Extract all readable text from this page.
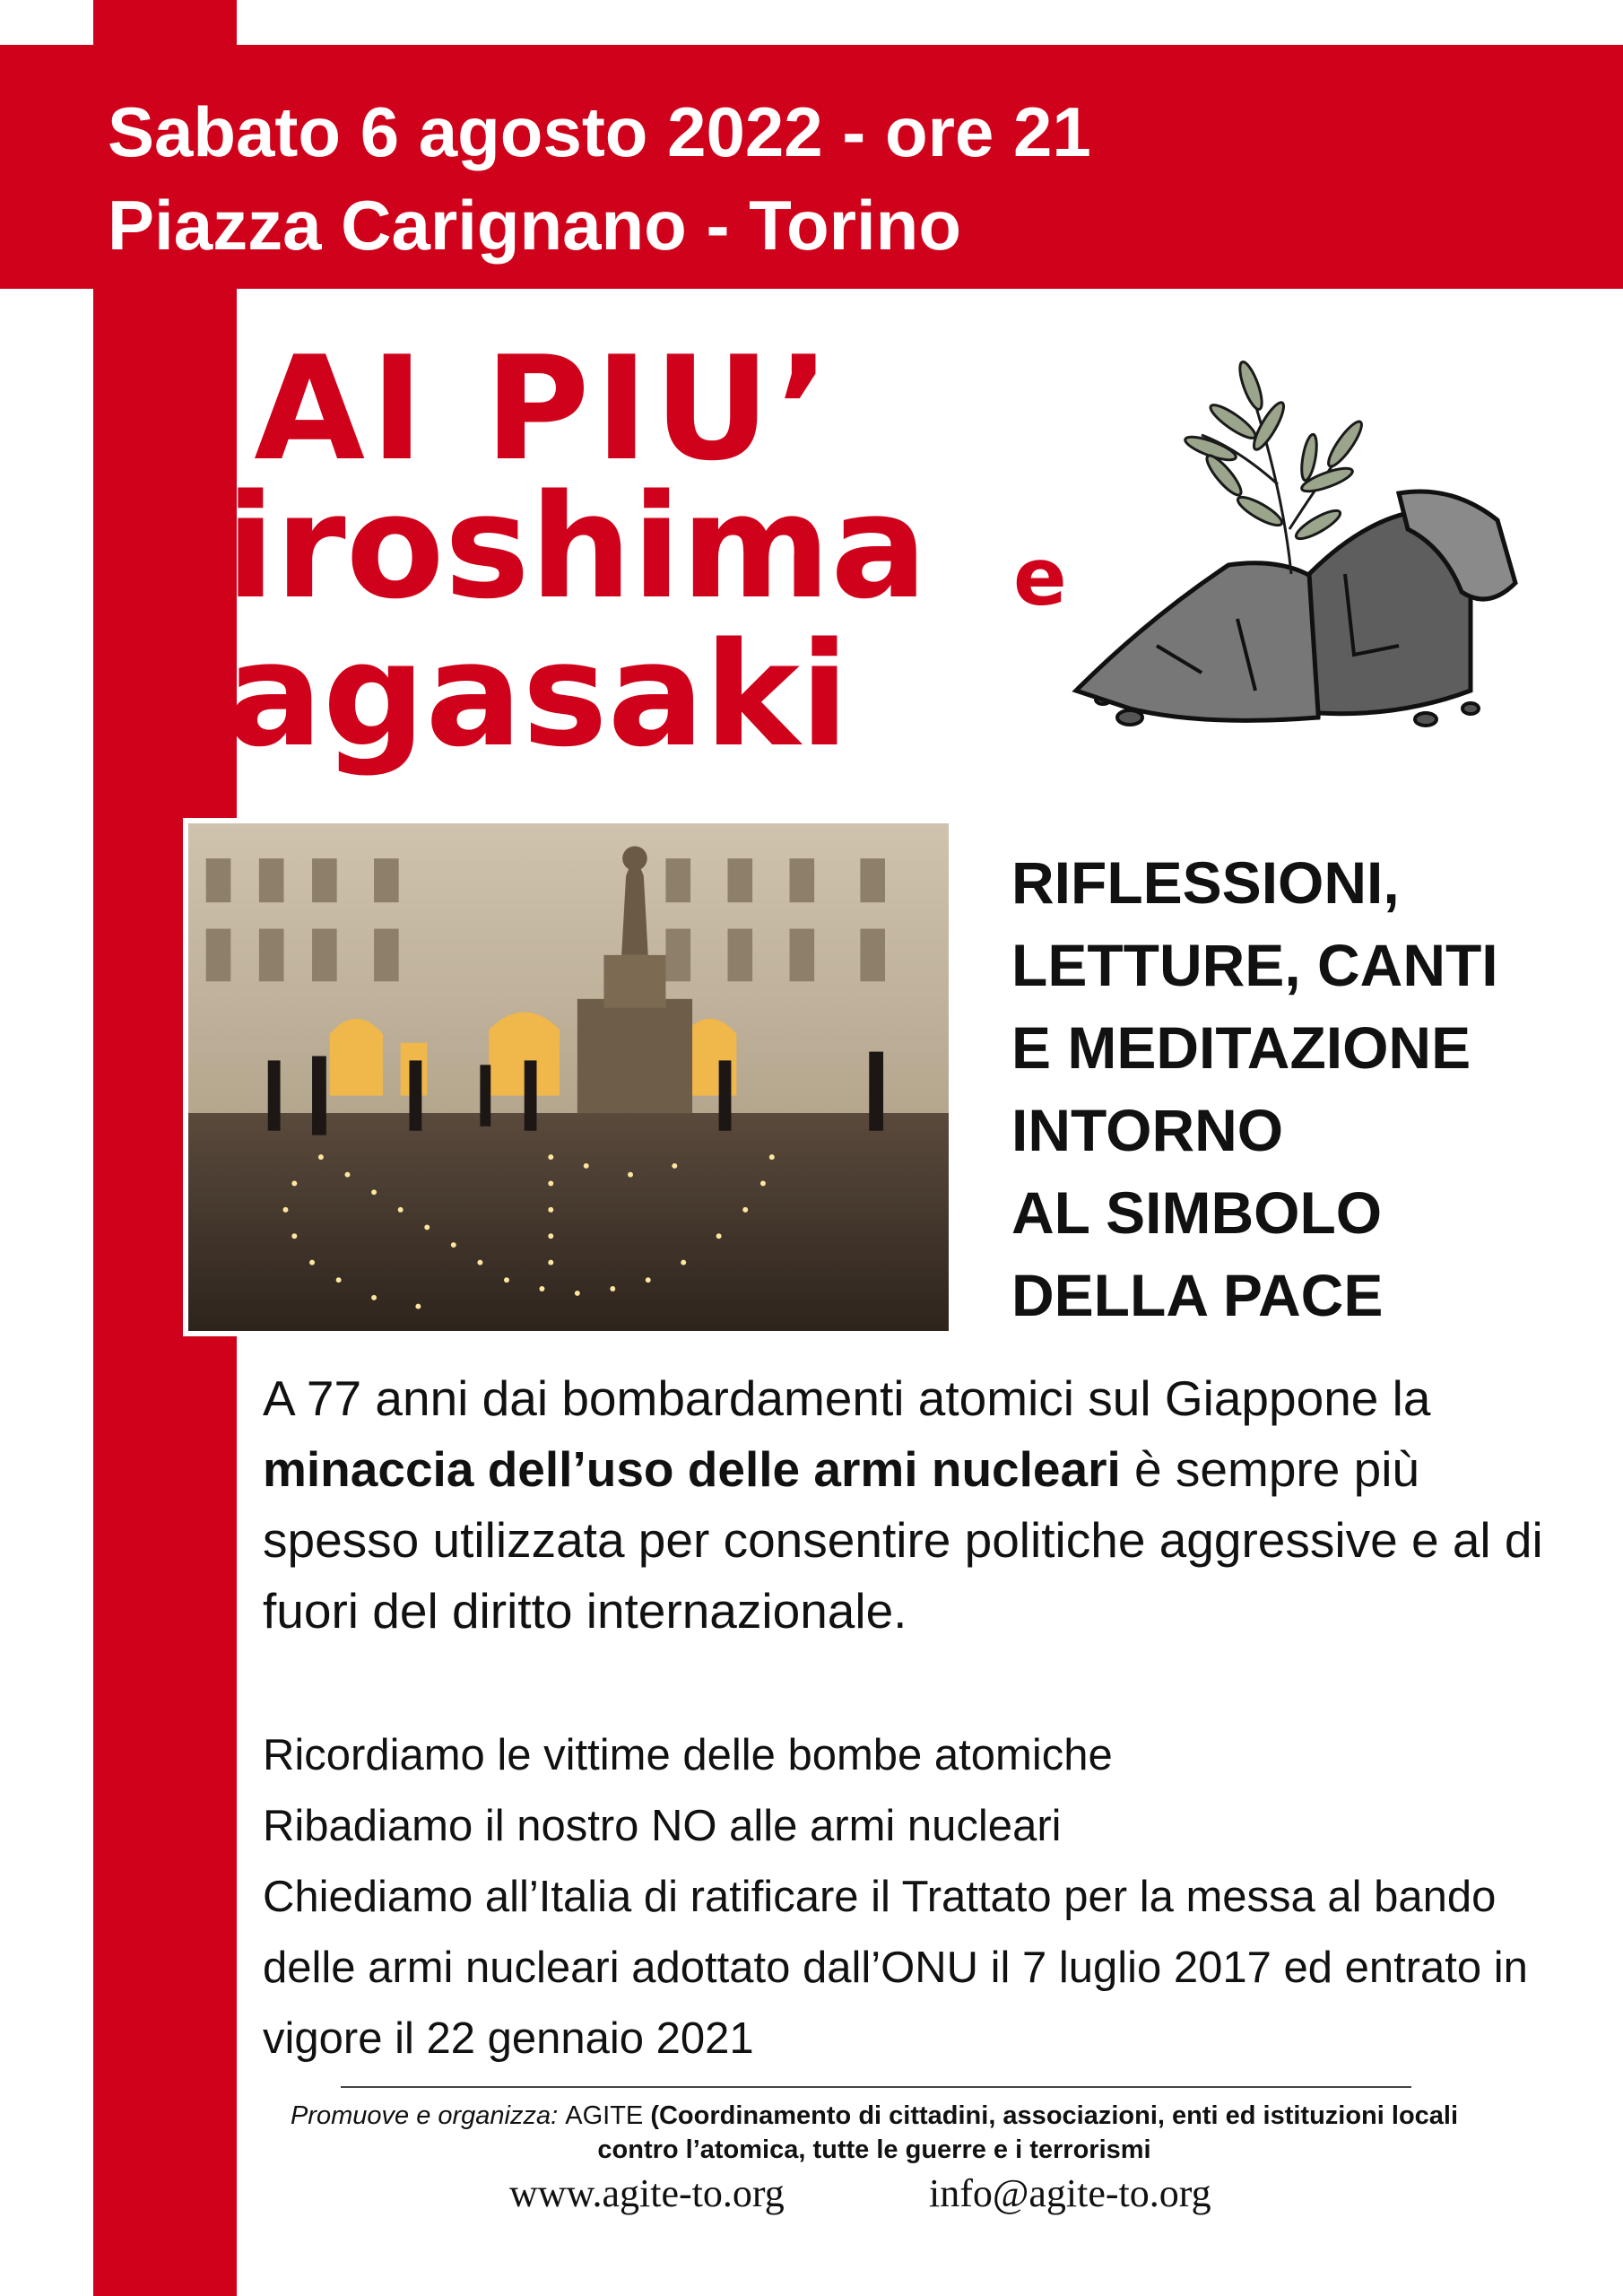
Sabato 6 agosto 2022 - ore 21
Piazza Carignano - Torino
MAI PIU’
Hiroshima e
Nagasaki
RIFLESSIONI,
LETTURE, CANTI
E MEDITAZIONE
INTORNO
AL SIMBOLO
DELLA PACE
A 77 anni dai bombardamenti atomici sul Giappone la minaccia dell’uso delle armi nucleari è sempre più spesso utilizzata per consentire politiche aggressive e al di fuori del diritto internazionale.
✦ Ricordiamo le vittime delle bombe atomiche
✦ Ribadiamo il nostro NO alle armi nucleari
✦ Chiediamo all’Italia di ratificare il Trattato per la messa al bando delle armi nucleari adottato dall’ONU il 7 luglio 2017 ed entrato in vigore il 22 gennaio 2021
Promuove e organizza: AGITE (Coordinamento di cittadini, associazioni, enti ed istituzioni locali contro l’atomica, tutte le guerre e i terrorismi
www.agite-to.org	info@agite-to.org
